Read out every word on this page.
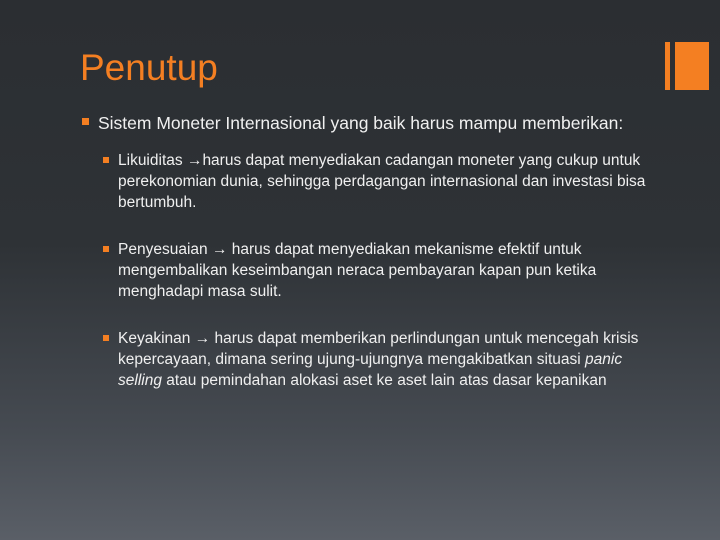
Penutup

Sistem Moneter Internasional yang baik harus mampu memberikan:

Likuiditas →harus dapat menyediakan cadangan moneter yang cukup untuk perekonomian dunia, sehingga perdagangan internasional dan investasi bisa bertumbuh.

Penyesuaian → harus dapat menyediakan mekanisme efektif untuk mengembalikan keseimbangan neraca pembayaran kapan pun ketika menghadapi masa sulit.

Keyakinan → harus dapat memberikan perlindungan untuk mencegah krisis kepercayaan, dimana sering ujung-ujungnya mengakibatkan situasi panic selling atau pemindahan alokasi aset ke aset lain atas dasar kepanikan
